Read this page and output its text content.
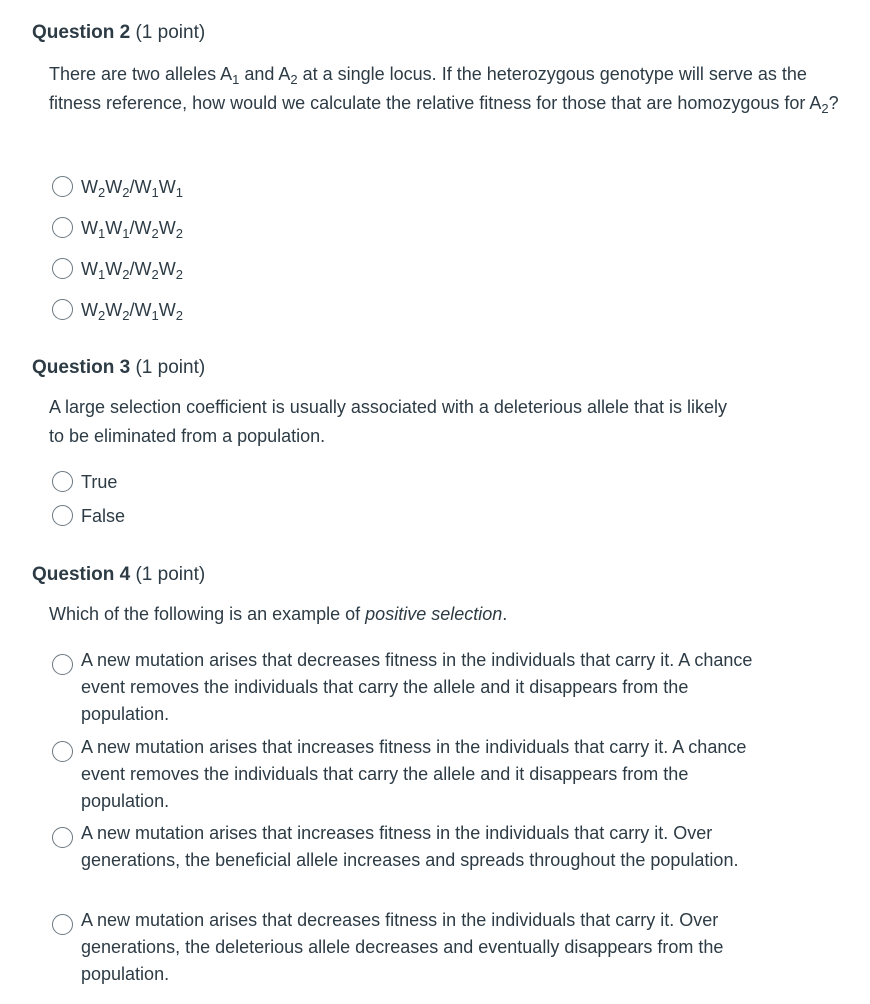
Question 2 (1 point)
There are two alleles $A_1$ and $A_2$ at a single locus. If the heterozygous genotype will serve as the fitness reference, how would we calculate the relative fitness for those that are homozygous for $A_2$?
$W_2W_2/W_1W_1$
$W_1W_1/W_2W_2$
$W_1W_2/W_2W_2$
$W_2W_2/W_1W_2$
Question 3 (1 point)
A large selection coefficient is usually associated with a deleterious allele that is likely to be eliminated from a population.
True
False
Question 4 (1 point)
Which of the following is an example of positive selection.
A new mutation arises that decreases fitness in the individuals that carry it. A chance event removes the individuals that carry the allele and it disappears from the population.
A new mutation arises that increases fitness in the individuals that carry it. A chance event removes the individuals that carry the allele and it disappears from the population.
A new mutation arises that increases fitness in the individuals that carry it. Over generations, the beneficial allele increases and spreads throughout the population.
A new mutation arises that decreases fitness in the individuals that carry it. Over generations, the deleterious allele decreases and eventually disappears from the population.
